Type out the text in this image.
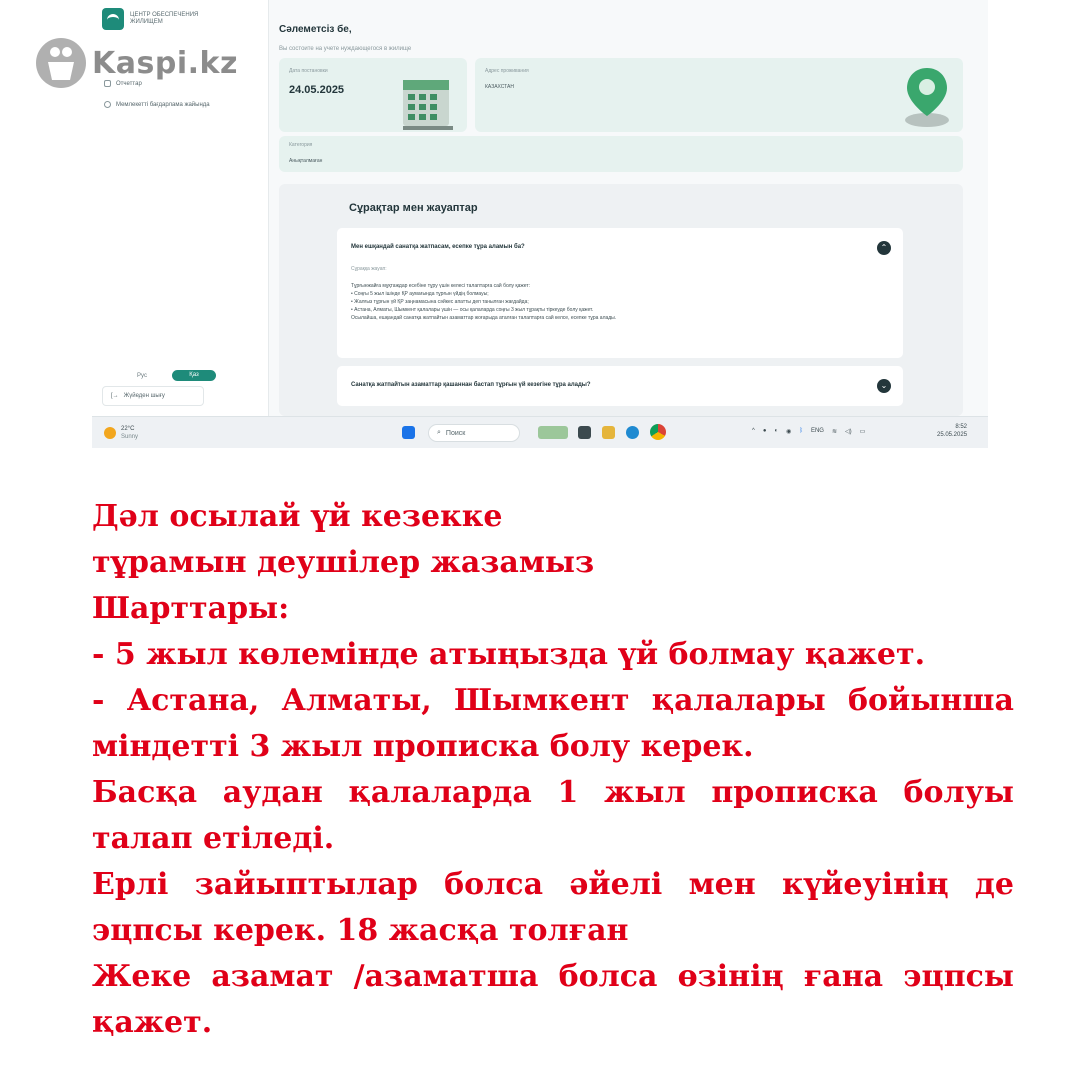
Kaspi.kz
ЦЕНТР ОБЕСПЕЧЕНИЯ ЖИЛИЩЕМ
Отчеттар
Мемлекетті бағдарлама жайында
Рус	Қаз
[→ Жүйеден шығу
Сәлеметсіз бе,
Вы состоите на учете нуждающегося в жилище
Дата постановки
24.05.2025
Адрес проживания
КАЗАХСТАН
Категория
Анықталмаған
Сұрақтар мен жауаптар
Мен ешқандай санатқа жатпасам, есепке тұра аламын ба?	⌃
Сұраққа жауап:
Тұрғынжайға мұқтаждар есебіне тұру үшін келесі талаптарға сай болу қажет:
• Соңғы 5 жыл ішінде ҚР аумағында тұрғын үйдің болмауы;
• Жалғыз тұрғын үй ҚР заңнамасына сәйкес апатты деп танылған жағдайда;
• Астана, Алматы, Шымкент қалалары үшін — осы қалаларда соңғы 3 жыл тұрақты тіркеуде болу қажет.
Осылайша, ешқандай санатқа жатпайтын азаматтар жоғарыда аталған талаптарға сай келсе, есепке тұра алады.
Санатқа жатпайтын азаматтар қашаннан бастап тұрғын үй кезегіне тұра алады?	⌄
22°C
Sunny
⌕ Поиск	^ ● ◐ ◉ ᛒ ENG ≋ ◁) ▭
8:52
25.05.2025

Дәл осылай үй кезекке

тұрамын деушілер жазамыз

Шарттары:

- 5 жыл көлемінде атыңызда үй болмау қажет.

- Астана, Алматы, Шымкент қалалары бойынша

міндетті 3 жыл прописка болу керек.

Басқа аудан қалаларда 1 жыл прописка болуы

талап етіледі.

Ерлі зайыптылар болса әйелі мен күйеуінің де

эцпсы керек. 18 жасқа толған

Жеке азамат /азаматша болса өзінің ғана эцпсы

қажет.
